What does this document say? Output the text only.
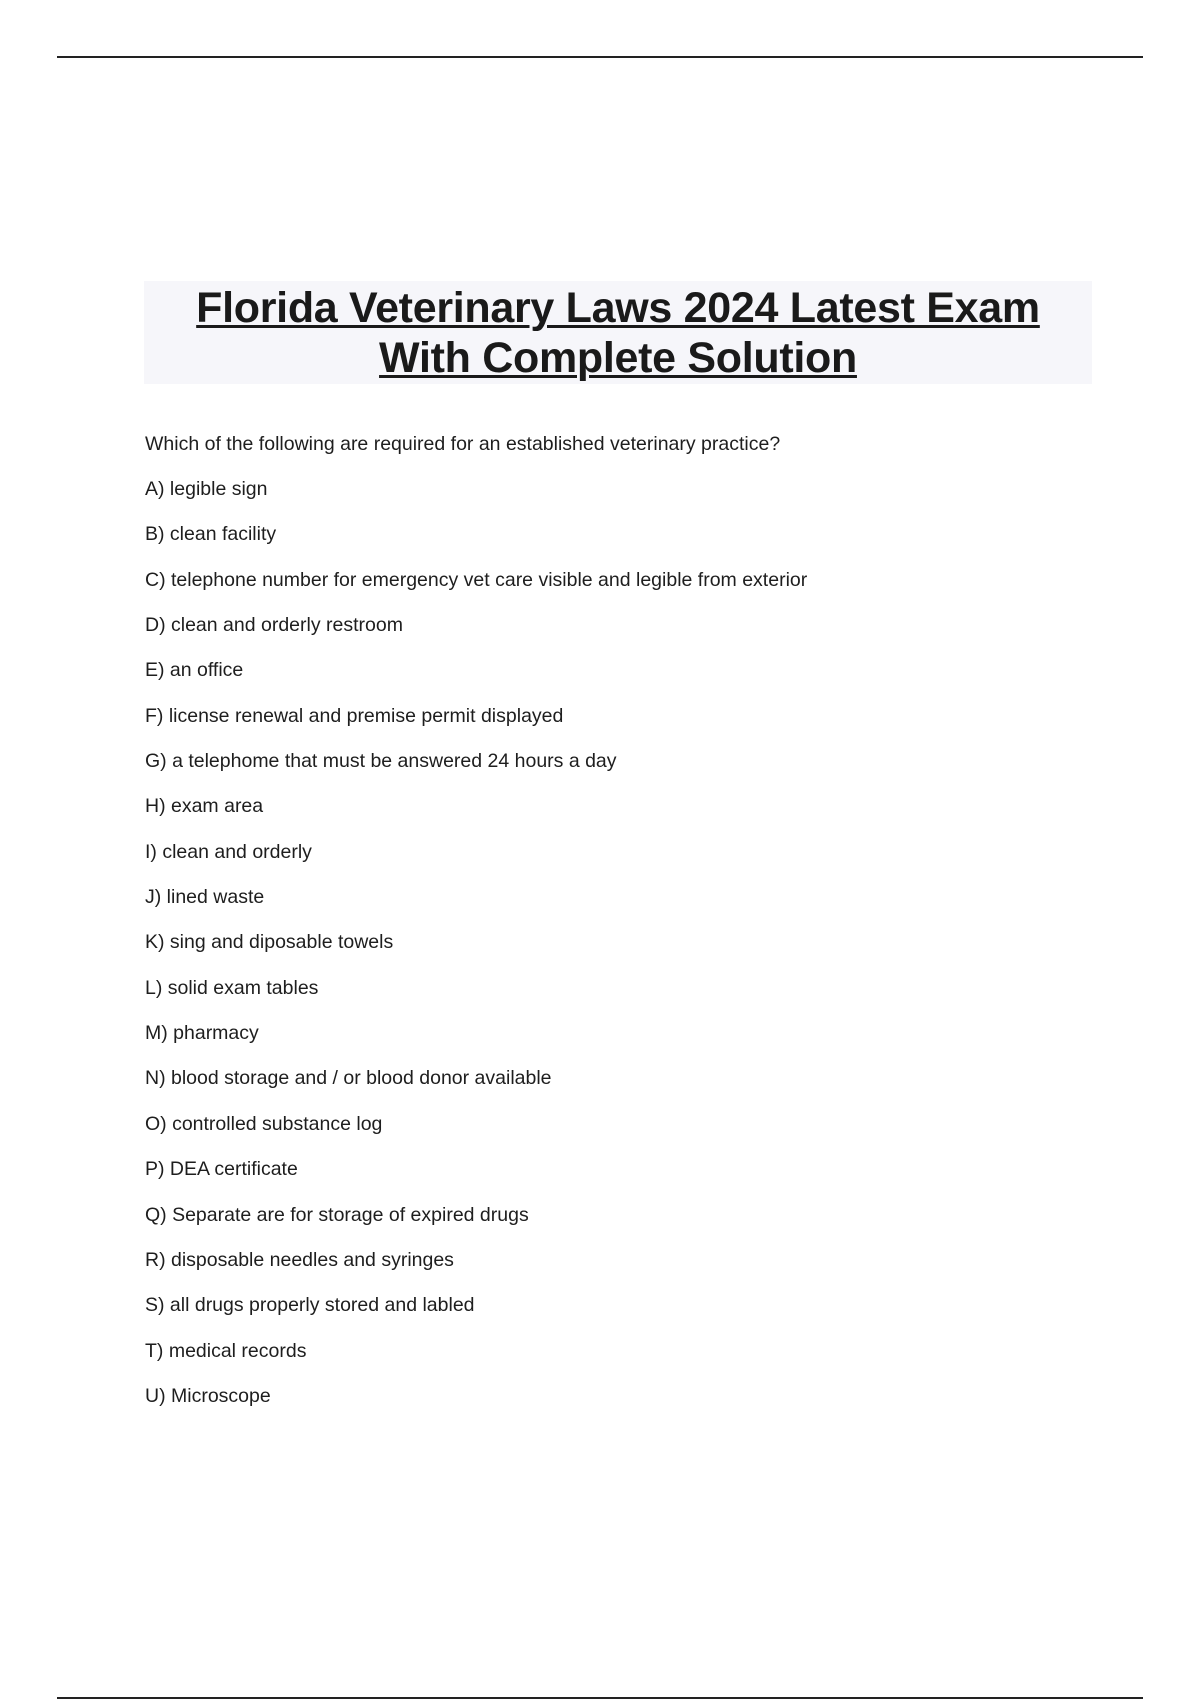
Florida Veterinary Laws 2024 Latest Exam
With Complete Solution
Which of the following are required for an established veterinary practice?
A) legible sign
B) clean facility
C) telephone number for emergency vet care visible and legible from exterior
D) clean and orderly restroom
E) an office
F) license renewal and premise permit displayed
G) a telephome that must be answered 24 hours a day
H) exam area
I) clean and orderly
J) lined waste
K) sing and diposable towels
L) solid exam tables
M) pharmacy
N) blood storage and / or blood donor available
O) controlled substance log
P) DEA certificate
Q) Separate are for storage of expired drugs
R) disposable needles and syringes
S) all drugs properly stored and labled
T) medical records
U) Microscope
